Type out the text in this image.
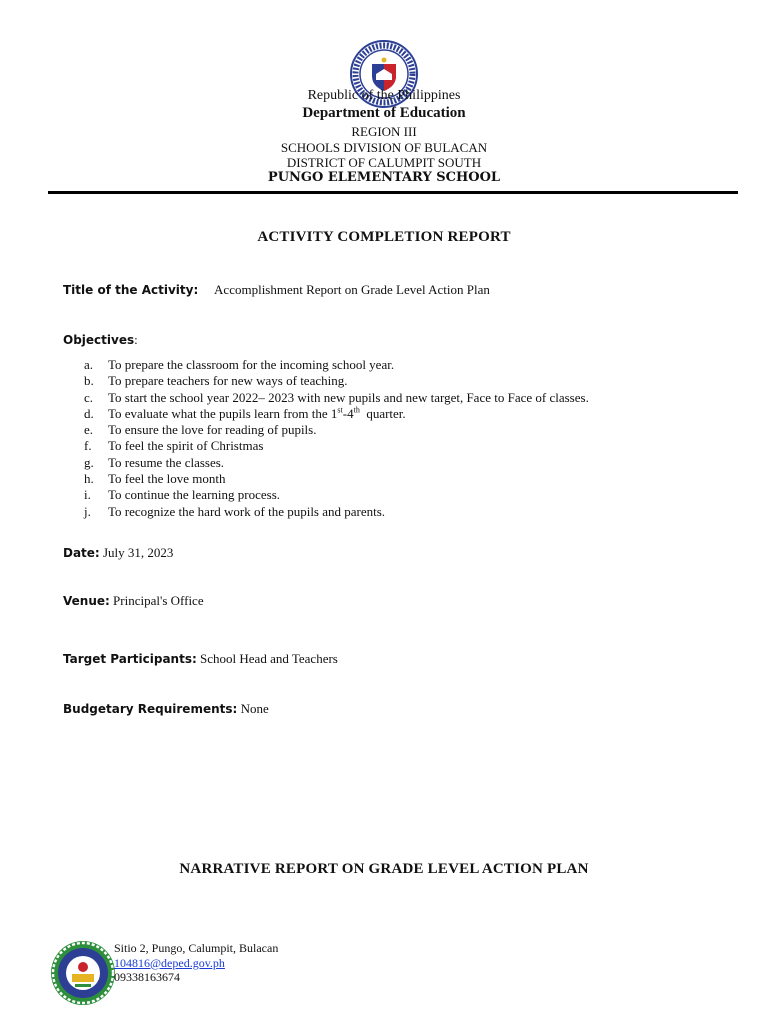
Republic of the Philippines
Department of Education
REGION III
SCHOOLS DIVISION OF BULACAN
DISTRICT OF CALUMPIT SOUTH
PUNGO ELEMENTARY SCHOOL
ACTIVITY COMPLETION REPORT
Title of the Activity: Accomplishment Report on Grade Level Action Plan
Objectives:
a. To prepare the classroom for the incoming school year.
b. To prepare teachers for new ways of teaching.
c. To start the school year 2022– 2023 with new pupils and new target, Face to Face of classes.
d. To evaluate what the pupils learn from the 1st-4th  quarter.
e. To ensure the love for reading of pupils.
f. To feel the spirit of Christmas
g. To resume the classes.
h. To feel the love month
i. To continue the learning process.
j. To recognize the hard work of the pupils and parents.
Date: July 31, 2023
Venue: Principal's Office
Target Participants: School Head and Teachers
Budgetary Requirements: None
NARRATIVE REPORT ON GRADE LEVEL ACTION PLAN
Sitio 2, Pungo, Calumpit, Bulacan
104816@deped.gov.ph
09338163674
